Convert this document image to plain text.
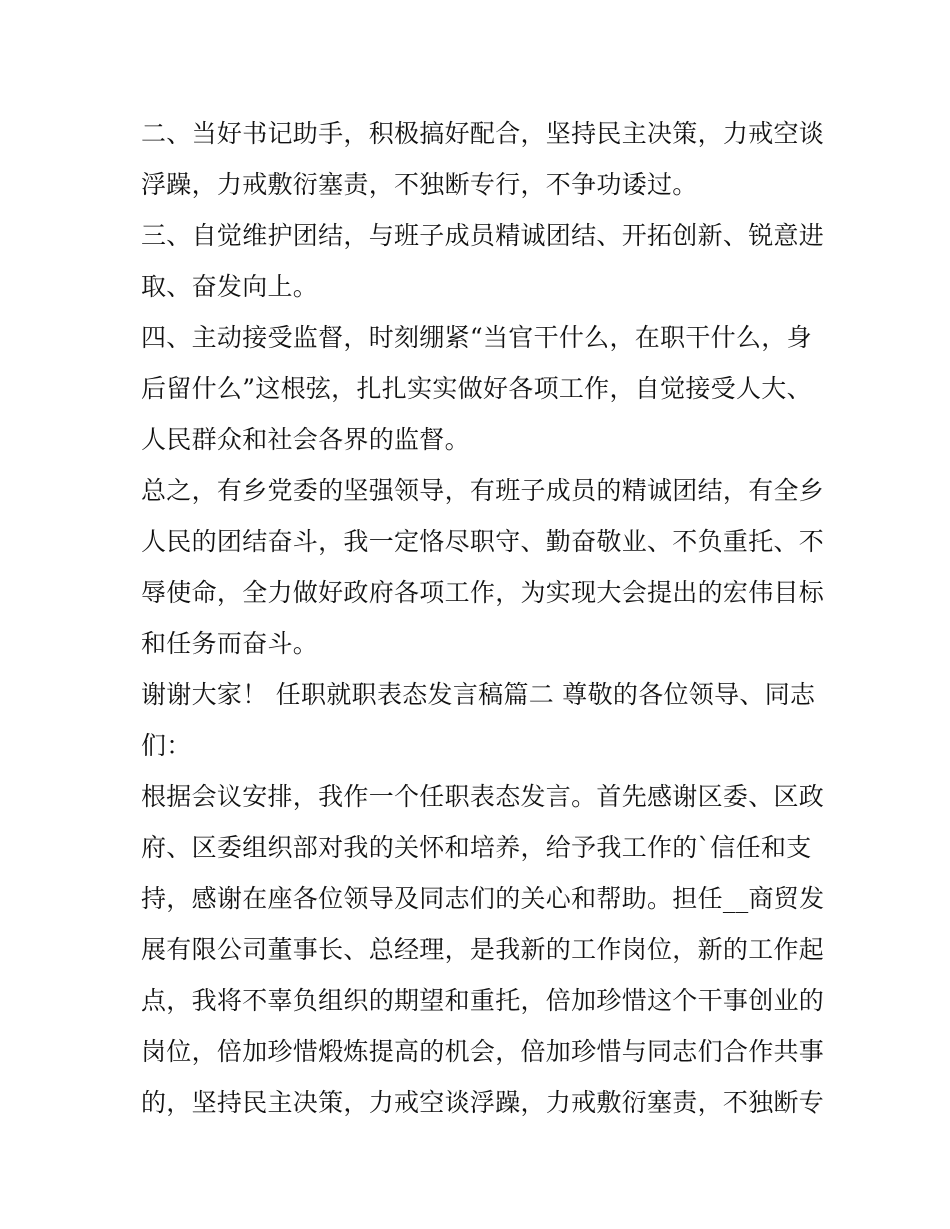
二、当好书记助手，积极搞好配合，坚持民主决策，力戒空谈
浮躁，力戒敷衍塞责，不独断专行，不争功诿过。
三、自觉维护团结，与班子成员精诚团结、开拓创新、锐意进
取、奋发向上。
四、主动接受监督，时刻绷紧“当官干什么，在职干什么，身
后留什么”这根弦，扎扎实实做好各项工作，自觉接受人大、
人民群众和社会各界的监督。
总之，有乡党委的坚强领导，有班子成员的精诚团结，有全乡
人民的团结奋斗，我一定恪尽职守、勤奋敬业、不负重托、不
辱使命，全力做好政府各项工作，为实现大会提出的宏伟目标
和任务而奋斗。
谢谢大家！ 任职就职表态发言稿篇二 尊敬的各位领导、同志
们：
根据会议安排，我作一个任职表态发言。首先感谢区委、区政
府、区委组织部对我的关怀和培养，给予我工作的`信任和支
持，感谢在座各位领导及同志们的关心和帮助。担任__商贸发
展有限公司董事长、总经理，是我新的工作岗位，新的工作起
点，我将不辜负组织的期望和重托，倍加珍惜这个干事创业的
岗位，倍加珍惜煅炼提高的机会，倍加珍惜与同志们合作共事
的，坚持民主决策，力戒空谈浮躁，力戒敷衍塞责，不独断专
